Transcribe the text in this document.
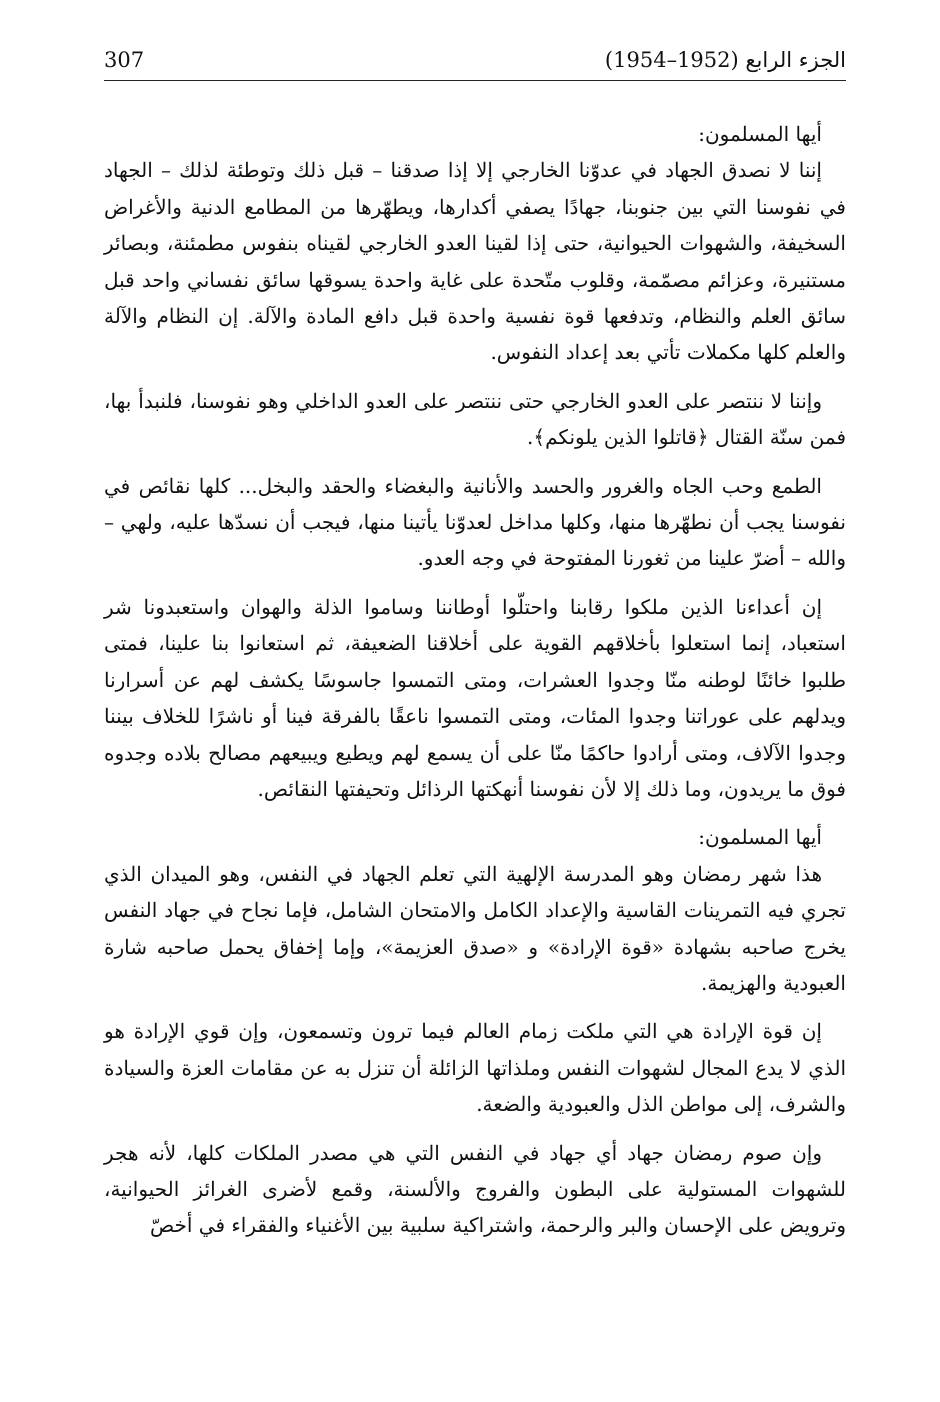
307	الجزء الرابع (1952–1954)

أيها المسلمون:

إننا لا نصدق الجهاد في عدوّنا الخارجي إلا إذا صدقنا – قبل ذلك وتوطئة لذلك – الجهاد في نفوسنا التي بين جنوبنا، جهادًا يصفي أكدارها، ويطهّرها من المطامع الدنية والأغراض السخيفة، والشهوات الحيوانية، حتى إذا لقينا العدو الخارجي لقيناه بنفوس مطمئنة، وبصائر مستنيرة، وعزائم مصمّمة، وقلوب متّحدة على غاية واحدة يسوقها سائق نفساني واحد قبل سائق العلم والنظام، وتدفعها قوة نفسية واحدة قبل دافع المادة والآلة. إن النظام والآلة والعلم كلها مكملات تأتي بعد إعداد النفوس.

وإننا لا ننتصر على العدو الخارجي حتى ننتصر على العدو الداخلي وهو نفوسنا، فلنبدأ بها، فمن سنّة القتال ﴿قاتلوا الذين يلونكم﴾.

الطمع وحب الجاه والغرور والحسد والأنانية والبغضاء والحقد والبخل... كلها نقائص في نفوسنا يجب أن نطهّرها منها، وكلها مداخل لعدوّنا يأتينا منها، فيجب أن نسدّها عليه، ولهي – والله – أضرّ علينا من ثغورنا المفتوحة في وجه العدو.

إن أعداءنا الذين ملكوا رقابنا واحتلّوا أوطاننا وساموا الذلة والهوان واستعبدونا شر استعباد، إنما استعلوا بأخلاقهم القوية على أخلاقنا الضعيفة، ثم استعانوا بنا علينا، فمتى طلبوا خائنًا لوطنه منّا وجدوا العشرات، ومتى التمسوا جاسوسًا يكشف لهم عن أسرارنا ويدلهم على عوراتنا وجدوا المئات، ومتى التمسوا ناعقًا بالفرقة فينا أو ناشرًا للخلاف بيننا وجدوا الآلاف، ومتى أرادوا حاكمًا منّا على أن يسمع لهم ويطيع ويبيعهم مصالح بلاده وجدوه فوق ما يريدون، وما ذلك إلا لأن نفوسنا أنهكتها الرذائل وتحيفتها النقائص.

أيها المسلمون:

هذا شهر رمضان وهو المدرسة الإلهية التي تعلم الجهاد في النفس، وهو الميدان الذي تجري فيه التمرينات القاسية والإعداد الكامل والامتحان الشامل، فإما نجاح في جهاد النفس يخرج صاحبه بشهادة «قوة الإرادة» و «صدق العزيمة»، وإما إخفاق يحمل صاحبه شارة العبودية والهزيمة.

إن قوة الإرادة هي التي ملكت زمام العالم فيما ترون وتسمعون، وإن قوي الإرادة هو الذي لا يدع المجال لشهوات النفس وملذاتها الزائلة أن تنزل به عن مقامات العزة والسيادة والشرف، إلى مواطن الذل والعبودية والضعة.

وإن صوم رمضان جهاد أي جهاد في النفس التي هي مصدر الملكات كلها، لأنه هجر للشهوات المستولية على البطون والفروج والألسنة، وقمع لأضرى الغرائز الحيوانية، وترويض على الإحسان والبر والرحمة، واشتراكية سلبية بين الأغنياء والفقراء في أخصّ
